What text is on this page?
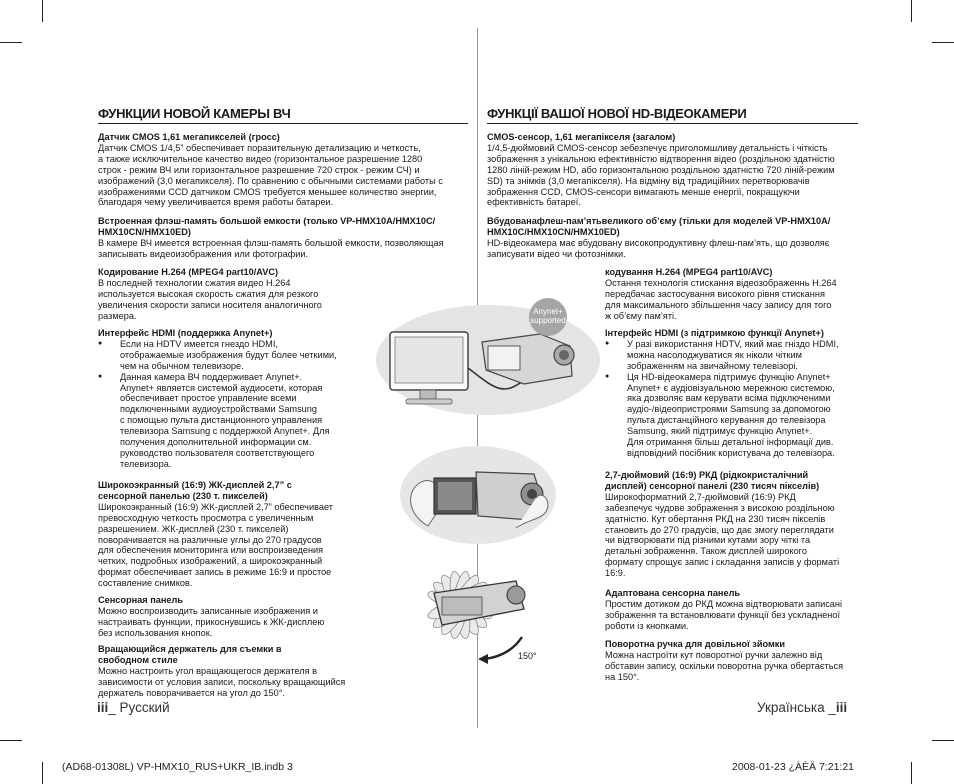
ФУНКЦИИ НОВОЙ КАМЕРЫ ВЧ

Датчик CMOS 1,61 мегапикселей (гросс)

Датчик CMOS 1/4,5” обеспечивает поразительную детализацию и четкость,

а также исключительное качество видео (горизонтальное разрешение 1280

строк - режим ВЧ или горизонтальное разрешение 720 строк - режим СЧ) и

изображений (3,0 мегапикселя). По сравнению с обычными системами работы с

изображениями CCD датчиком CMOS требуется меньшее количество энергии,

благодаря чему увеличивается время работы батареи.

Встроенная флэш-память большой емкости (только VP-HMX10A/HMX10C/

HMX10CN/HMX10ED)

В камере ВЧ имеется встроенная флэш-память большой емкости, позволяющая

записывать видеоизображения или фотографии.

Кодирование H.264 (MPEG4 part10/AVC)

В последней технологии сжатия видео H.264

используется высокая скорость сжатия для резкого

увеличения скорости записи носителя аналогичного

размера.

Интерфейс HDMI (поддержка Anynet+)

● Если на HDTV имеется гнездо HDMI,
отображаемые изображения будут более четкими,
чем на обычном телевизоре.
● Данная камера ВЧ поддерживает Anynet+.
Anynet+ является системой аудиосети, которая
обеспечивает простое управление всеми
подключенными аудиоустройствами Samsung
с помощью пульта дистанционного управления
телевизора Samsung с поддержкой Anynet+. Для
получения дополнительной информации см.
руководство пользователя соответствующего
телевизора.

Широкоэкранный (16:9) ЖК-дисплей 2,7” с

сенсорной панелью (230 т. пикселей)

Широкоэкранный (16:9) ЖК-дисплей 2,7” обеспечивает

превосходную четкость просмотра с увеличенным

разрешением. ЖК-дисплей (230 т. пикселей)

поворачивается на различные углы до 270 градусов

для обеспечения мониторинга или воспроизведения

четких, подробных изображений, а широкоэкранный

формат обеспечивает запись в режиме 16:9 и простое

составление снимков.

Сенсорная панель

Можно воспроизводить записанные изображения и

настраивать функции, прикоснувшись к ЖК-дисплею

без использования кнопок.

Вращающийся держатель для съемки в

свободном стиле

Можно настроить угол вращающегося держателя в

зависимости от условия записи, поскольку вращающийся

держатель поворачивается на угол до 150°.

iii_ Русский
ФУНКЦІЇ ВАШОЇ НОВОЇ HD-ВІДЕОКАМЕРИ

CMOS-сенсор, 1,61 мегапікселя (загалом)

1/4,5-дюймовий CMOS-сенсор зебезпечує приголомшливу детальність і чіткість

зображення з унікальною ефективністю відтворення відео (роздільною здатністю

1280 ліній-режим HD, або горизонтальною роздільною здатністю 720 ліній-режим

SD) та знімків (3,0 мегапікселя). На відміну від традиційних перетворювачів

зображення CCD, CMOS-сенсори вимагають менше енергії, покращуючи

ефективність батареї.

Вбудованафлеш-пам’ятьвеликого об’єму (тільки для моделей VP-HMX10A/

HMX10C/HMX10CN/HMX10ED)

HD-відеокамера має вбудовану високопродуктивну флеш-пам’ять, що дозволяє

записувати відео чи фотознімки.

кодування H.264 (MPEG4 part10/AVC)

Остання технологія стискання відеозображеннь H.264

передбачає застосування високого рівня стискання

для максимального збільшення часу запису для того

ж об’єму пам’яті.

Інтерфейс HDMI (з підтримкою функції Anynet+)

● У разі використання HDTV, який має гніздо HDMI,
можна насолоджуватися як ніколи чітким
зображенням на звичайному телевізорі.
● Ця HD-відеокамера підтримує функцію Anynet+
Anynet+ є аудіовізуальною мережною системою,
яка дозволяє вам керувати всіма підключеними
аудіо-/відеопристроями Samsung за допомогою
пульта дистанційного керування до телевізора
Samsung, який підтримує функцію Anynet+.
Для отримання більш детальної інформації див.
відповідний посібник користувача до телевізора.

2,7-дюймовий (16:9) РКД (рідкокристалічний

дисплей) сенсорної панелі (230 тисяч пікселів)

Широкоформатний 2,7-дюймовий (16:9) РКД

забезпечує чудове зображення з високою роздільною

здатністю. Кут обертання РКД на 230 тисяч пікселів

становить до 270 градусів, що дає змогу переглядати

чи відтворювати під різними кутами зору чіткі та

детальні зображення. Також дисплей широкого

формату спрощує запис і складання записів у форматі

16:9.

Адаптована сенсорна панель

Простим дотиком до РКД можна відтворювати записані

зображення та встановлювати функції без ускладненої

роботи із кнопками.

Поворотна ручка для довільної зйомки

Можна настроїти кут поворотної ручки залежно від

обставин запису, оскільки поворотна ручка обертається

на 150°.

Українська _iii
Anynet+
supported
150°
(AD68-01308L) VP-HMX10_RUS+UKR_IB.indb 3	2008-01-23 ¿ÀÈÄ 7:21:21
